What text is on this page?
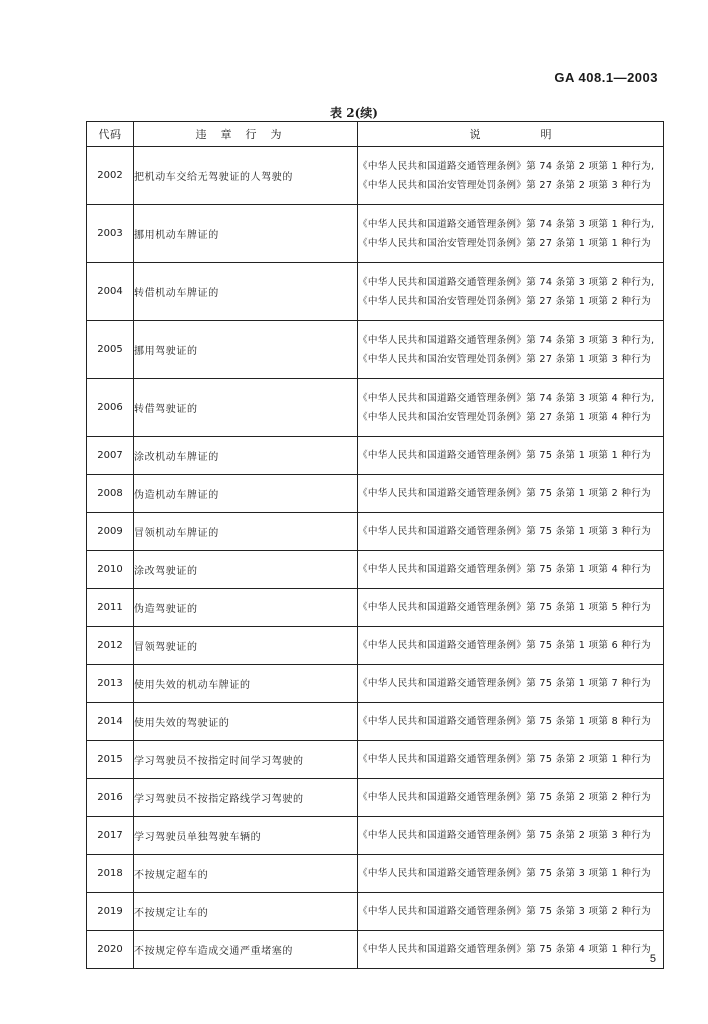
GA 408.1—2003
表 2(续)
代码	违章行为	说明
2002	把机动车交给无驾驶证的人驾驶的	《中华人民共和国道路交通管理条例》第 74 条第 2 项第 1 种行为,《中华人民共和国治安管理处罚条例》第 27 条第 2 项第 3 种行为
2003	挪用机动车牌证的	《中华人民共和国道路交通管理条例》第 74 条第 3 项第 1 种行为,《中华人民共和国治安管理处罚条例》第 27 条第 1 项第 1 种行为
2004	转借机动车牌证的	《中华人民共和国道路交通管理条例》第 74 条第 3 项第 2 种行为,《中华人民共和国治安管理处罚条例》第 27 条第 1 项第 2 种行为
2005	挪用驾驶证的	《中华人民共和国道路交通管理条例》第 74 条第 3 项第 3 种行为,《中华人民共和国治安管理处罚条例》第 27 条第 1 项第 3 种行为
2006	转借驾驶证的	《中华人民共和国道路交通管理条例》第 74 条第 3 项第 4 种行为,《中华人民共和国治安管理处罚条例》第 27 条第 1 项第 4 种行为
2007	涂改机动车牌证的	《中华人民共和国道路交通管理条例》第 75 条第 1 项第 1 种行为
2008	伪造机动车牌证的	《中华人民共和国道路交通管理条例》第 75 条第 1 项第 2 种行为
2009	冒领机动车牌证的	《中华人民共和国道路交通管理条例》第 75 条第 1 项第 3 种行为
2010	涂改驾驶证的	《中华人民共和国道路交通管理条例》第 75 条第 1 项第 4 种行为
2011	伪造驾驶证的	《中华人民共和国道路交通管理条例》第 75 条第 1 项第 5 种行为
2012	冒领驾驶证的	《中华人民共和国道路交通管理条例》第 75 条第 1 项第 6 种行为
2013	使用失效的机动车牌证的	《中华人民共和国道路交通管理条例》第 75 条第 1 项第 7 种行为
2014	使用失效的驾驶证的	《中华人民共和国道路交通管理条例》第 75 条第 1 项第 8 种行为
2015	学习驾驶员不按指定时间学习驾驶的	《中华人民共和国道路交通管理条例》第 75 条第 2 项第 1 种行为
2016	学习驾驶员不按指定路线学习驾驶的	《中华人民共和国道路交通管理条例》第 75 条第 2 项第 2 种行为
2017	学习驾驶员单独驾驶车辆的	《中华人民共和国道路交通管理条例》第 75 条第 2 项第 3 种行为
2018	不按规定超车的	《中华人民共和国道路交通管理条例》第 75 条第 3 项第 1 种行为
2019	不按规定让车的	《中华人民共和国道路交通管理条例》第 75 条第 3 项第 2 种行为
2020	不按规定停车造成交通严重堵塞的	《中华人民共和国道路交通管理条例》第 75 条第 4 项第 1 种行为
5
